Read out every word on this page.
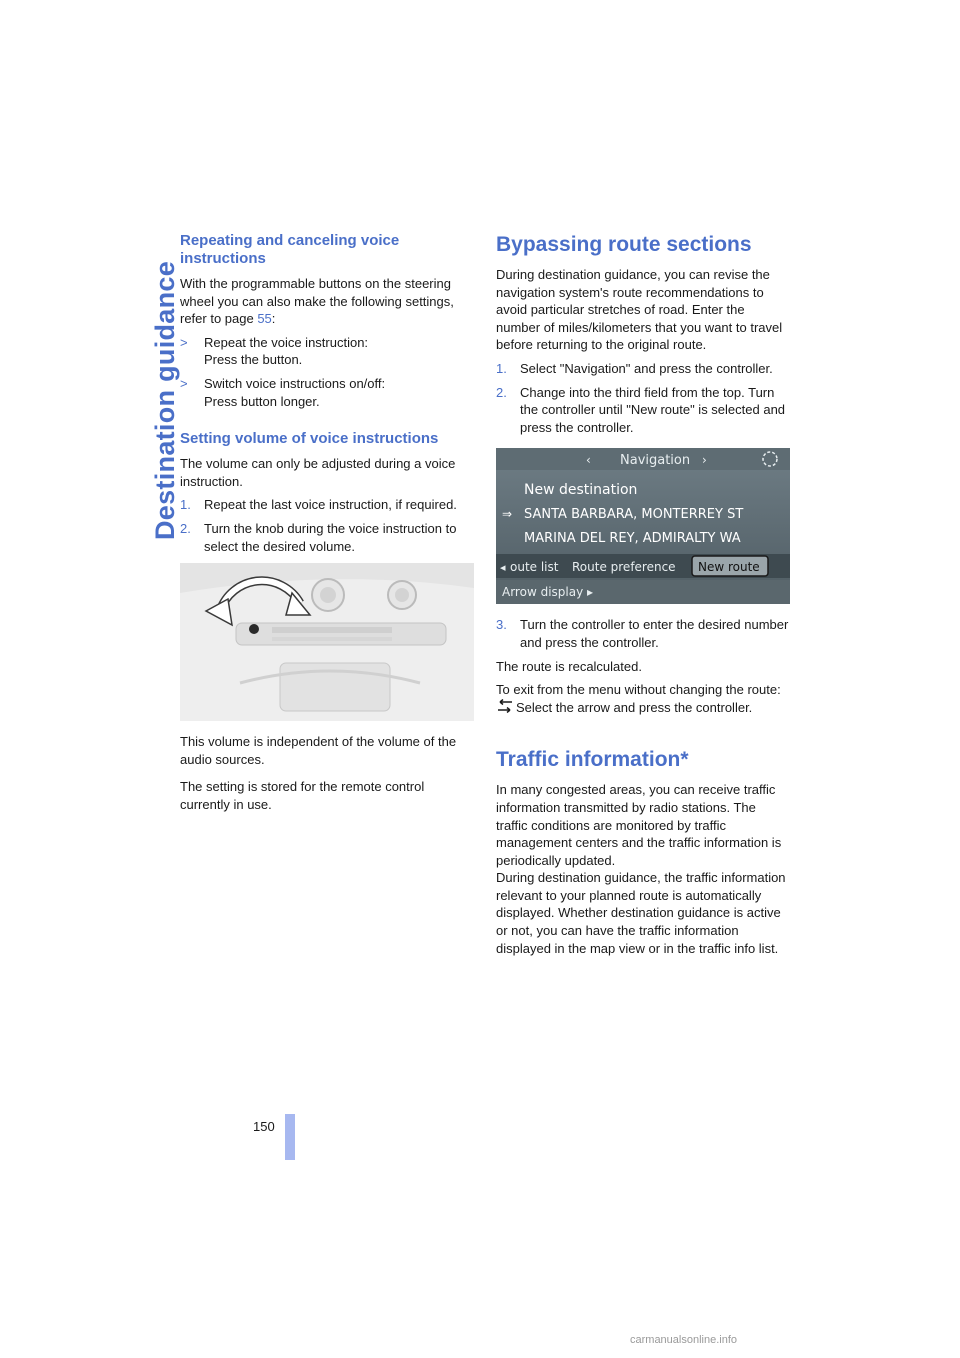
Destination guidance
Repeating and canceling voice instructions

With the programmable buttons on the steering wheel you can also make the following settings, refer to page 55:

>	Repeat the voice instruction:
Press the button.
>	Switch voice instructions on/off:
Press button longer.
Setting volume of voice instructions

The volume can only be adjusted during a voice instruction.

1.	Repeat the last voice instruction, if required.
2.	Turn the knob during the voice instruction to select the desired volume.

This volume is independent of the volume of the audio sources.

The setting is stored for the remote control currently in use.

Bypassing route sections

During destination guidance, you can revise the navigation system's route recommendations to avoid particular stretches of road. Enter the number of miles/kilometers that you want to travel before returning to the original route.

1.	Select "Navigation" and press the controller.
2.	Change into the third field from the top. Turn the controller until "New route" is selected and press the controller.
‹	›
Navigation
New destination
⇒ SANTA BARBARA, MONTERREY ST
MARINA DEL REY, ADMIRALTY WA
◂ oute list Route preference New route
Arrow display ▸
3.	Turn the controller to enter the desired number and press the controller.

The route is recalculated.

To exit from the menu without changing the route:

Select the arrow and press the controller.
Traffic information*

In many congested areas, you can receive traffic information transmitted by radio stations. The traffic conditions are monitored by traffic management centers and the traffic information is periodically updated.

During destination guidance, the traffic information relevant to your planned route is automatically displayed. Whether destination guidance is active or not, you can have the traffic information displayed in the map view or in the traffic info list.

150
carmanualsonline.info
